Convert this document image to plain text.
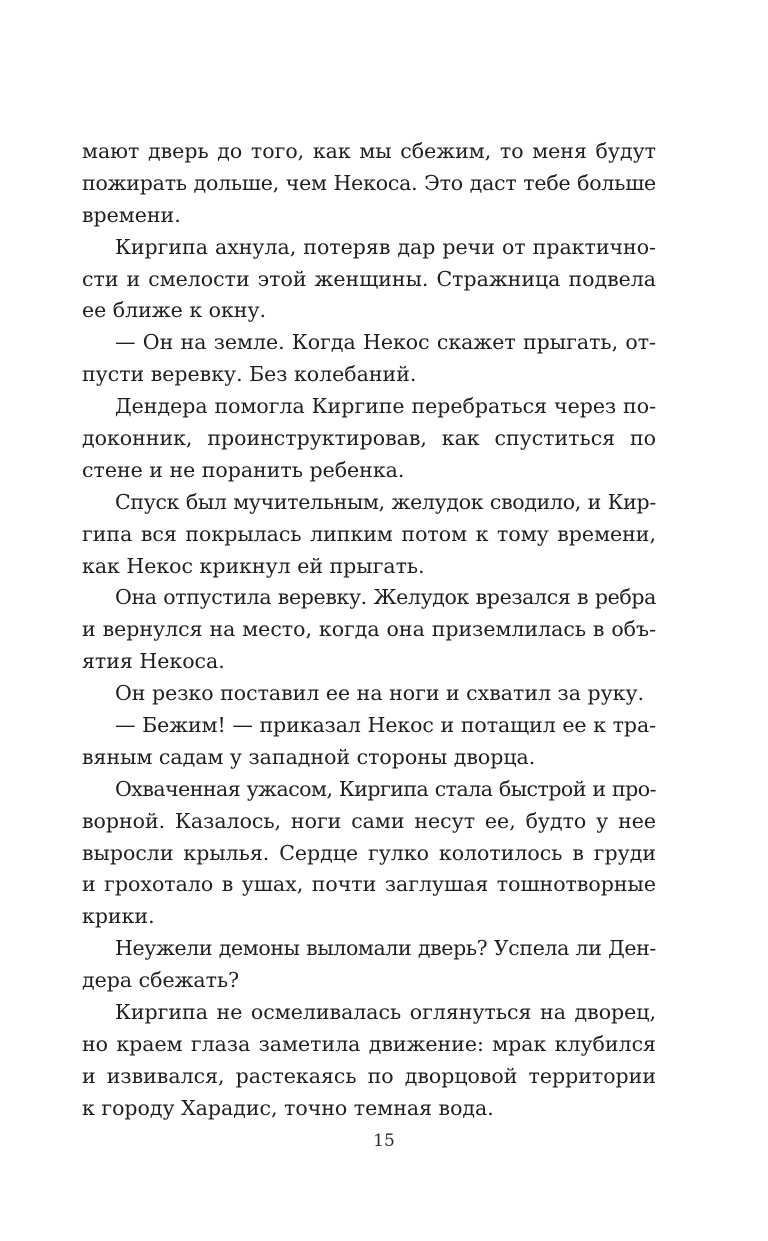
мают дверь до того, как мы сбежим, то меня будут
пожирать дольше, чем Некоса. Это даст тебе больше
времени.
Киргипа ахнула, потеряв дар речи от практично-
сти и смелости этой женщины. Стражница подвела
ее ближе к окну.
— Он на земле. Когда Некос скажет прыгать, от-
пусти веревку. Без колебаний.
Дендера помогла Киргипе перебраться через по-
доконник, проинструктировав, как спуститься по
стене и не поранить ребенка.
Спуск был мучительным, желудок сводило, и Кир-
гипа вся покрылась липким потом к тому времени,
как Некос крикнул ей прыгать.
Она отпустила веревку. Желудок врезался в ребра
и вернулся на место, когда она приземлилась в объ-
ятия Некоса.
Он резко поставил ее на ноги и схватил за руку.
— Бежим! — приказал Некос и потащил ее к тра-
вяным садам у западной стороны дворца.
Охваченная ужасом, Киргипа стала быстрой и про-
ворной. Казалось, ноги сами несут ее, будто у нее
выросли крылья. Сердце гулко колотилось в груди
и грохотало в ушах, почти заглушая тошнотворные
крики.
Неужели демоны выломали дверь? Успела ли Ден-
дера сбежать?
Киргипа не осмеливалась оглянуться на дворец,
но краем глаза заметила движение: мрак клубился
и извивался, растекаясь по дворцовой территории
к городу Харадис, точно темная вода.
15
